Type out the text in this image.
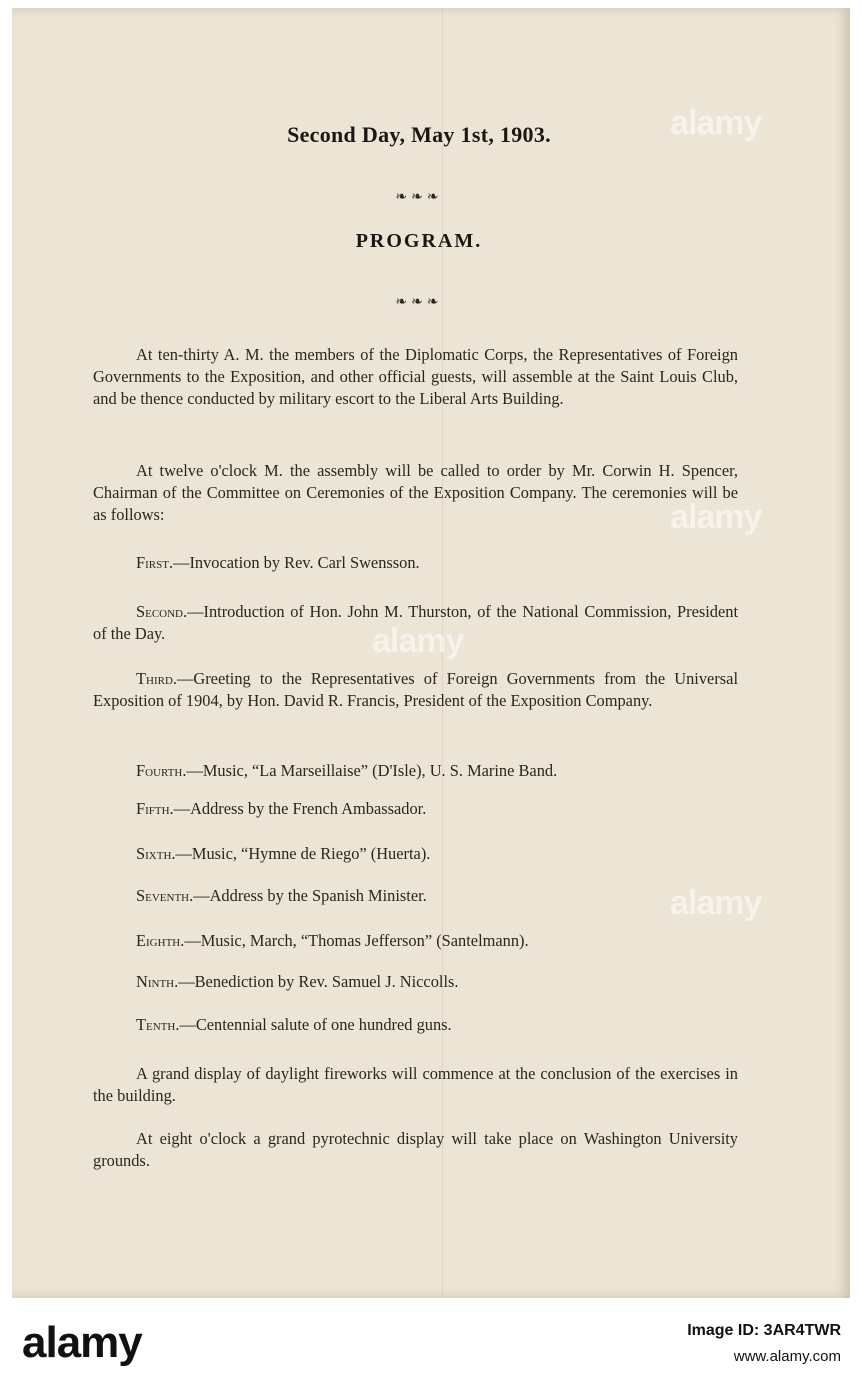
Second Day, May 1st, 1903.
❧❧❧
PROGRAM.
❧❧❧

At ten-thirty A. M. the members of the Diplomatic Corps, the Representatives of Foreign Governments to the Exposition, and other official guests, will assemble at the Saint Louis Club, and be thence conducted by military escort to the Liberal Arts Building.

At twelve o'clock M. the assembly will be called to order by Mr. Corwin H. Spencer, Chairman of the Committee on Ceremonies of the Exposition Company. The ceremonies will be as follows:

First.—Invocation by Rev. Carl Swensson.

Second.—Introduction of Hon. John M. Thurston, of the National Commission, President of the Day.

Third.—Greeting to the Representatives of Foreign Governments from the Universal Exposition of 1904, by Hon. David R. Francis, President of the Exposition Company.

Fourth.—Music, “La Marseillaise” (D'Isle), U. S. Marine Band.

Fifth.—Address by the French Ambassador.

Sixth.—Music, “Hymne de Riego” (Huerta).

Seventh.—Address by the Spanish Minister.

Eighth.—Music, March, “Thomas Jefferson” (Santelmann).

Ninth.—Benediction by Rev. Samuel J. Niccolls.

Tenth.—Centennial salute of one hundred guns.

A grand display of daylight fireworks will commence at the conclusion of the exercises in the building.

At eight o'clock a grand pyrotechnic display will take place on Washington University grounds.

alamy
alamy
alamy
alamy
alamy	Image ID: 3AR4TWR
www.alamy.com
